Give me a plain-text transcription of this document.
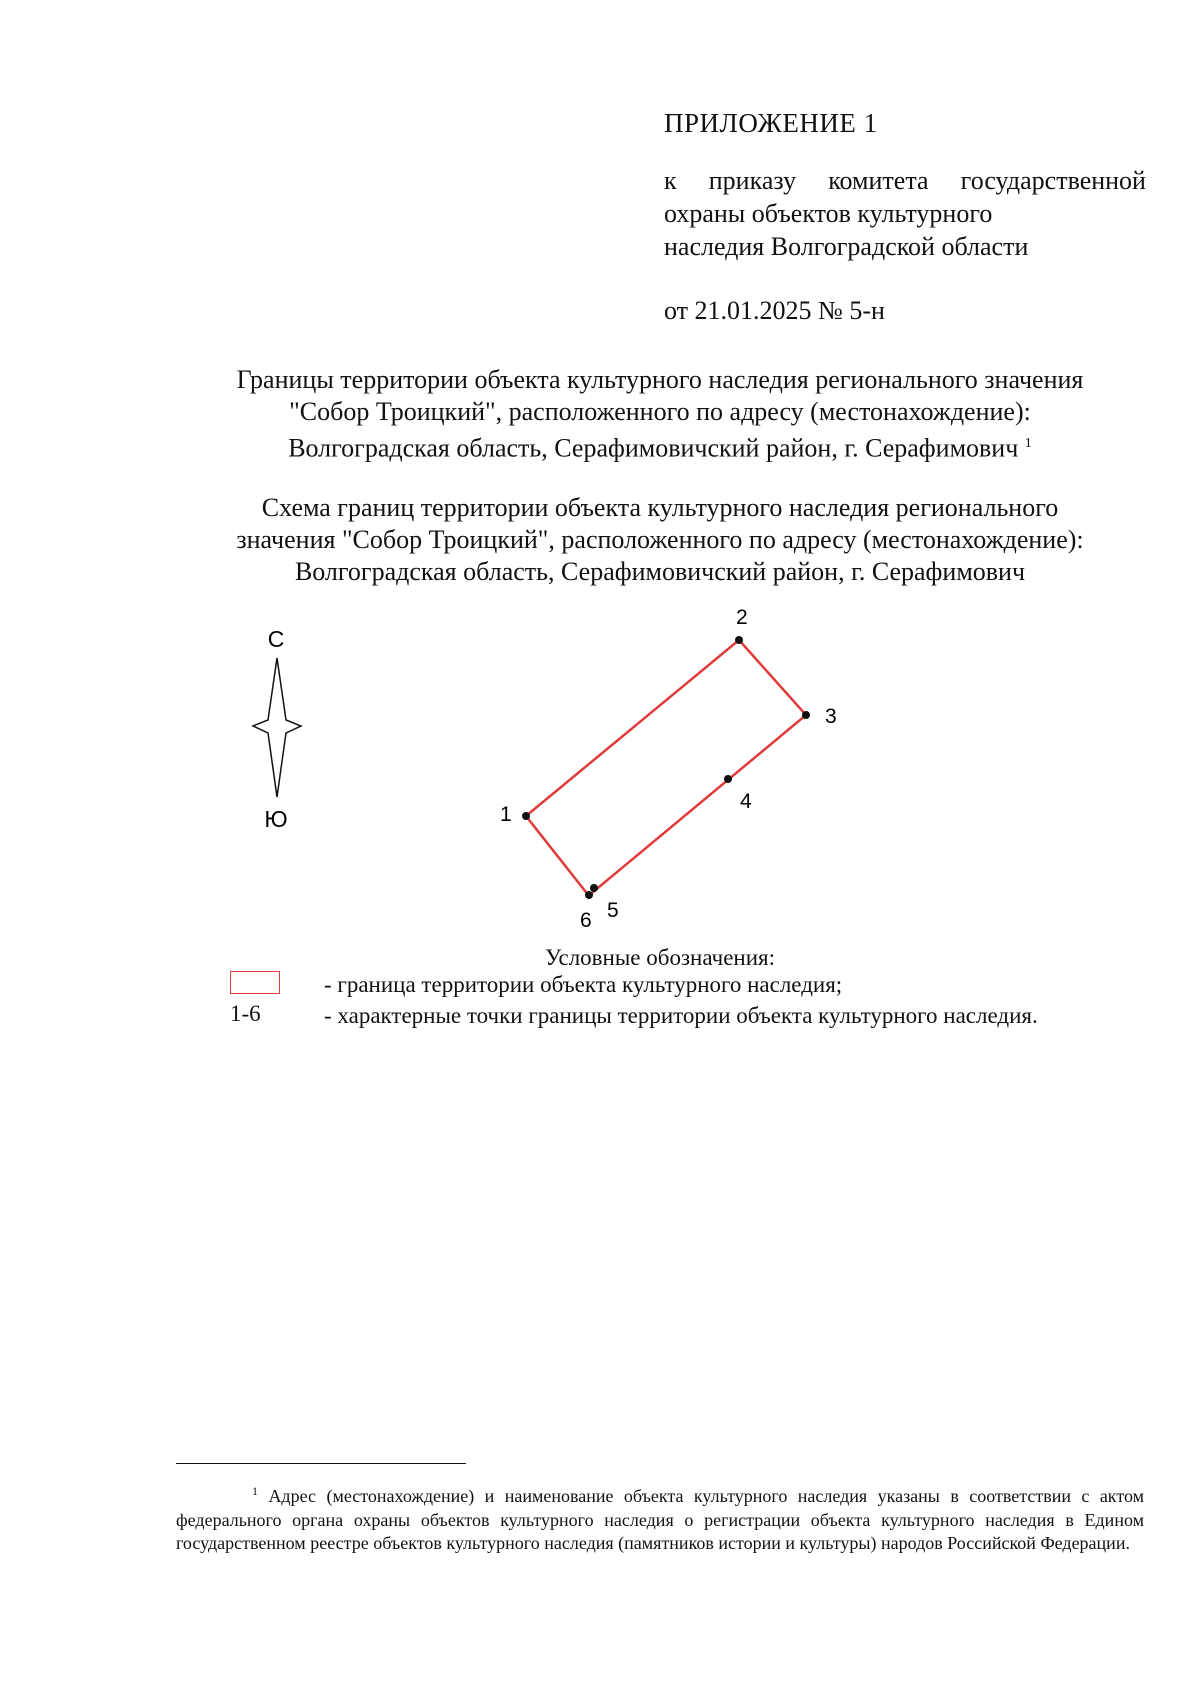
ПРИЛОЖЕНИЕ 1
к приказу комитета государственной
охраны объектов культурного
наследия Волгоградской области
от 21.01.2025 № 5-н
Границы территории объекта культурного наследия регионального значения
"Собор Троицкий", расположенного по адресу (местонахождение):
Волгоградская область, Серафимовичский район, г. Серафимович $^1$
Схема границ территории объекта культурного наследия регионального
значения "Собор Троицкий", расположенного по адресу (местонахождение):
Волгоградская область, Серафимовичский район, г. Серафимович
С
Ю	1
2
3
4
5
6
Условные обозначения:
- граница территории объекта культурного наследия;
1-6	- характерные точки границы территории объекта культурного наследия.
$^1$ Адрес (местонахождение) и наименование объекта культурного наследия указаны в соответствии с актом федерального органа охраны объектов культурного наследия о регистрации объекта культурного наследия в Едином государственном реестре объектов культурного наследия (памятников истории и культуры) народов Российской Федерации.
